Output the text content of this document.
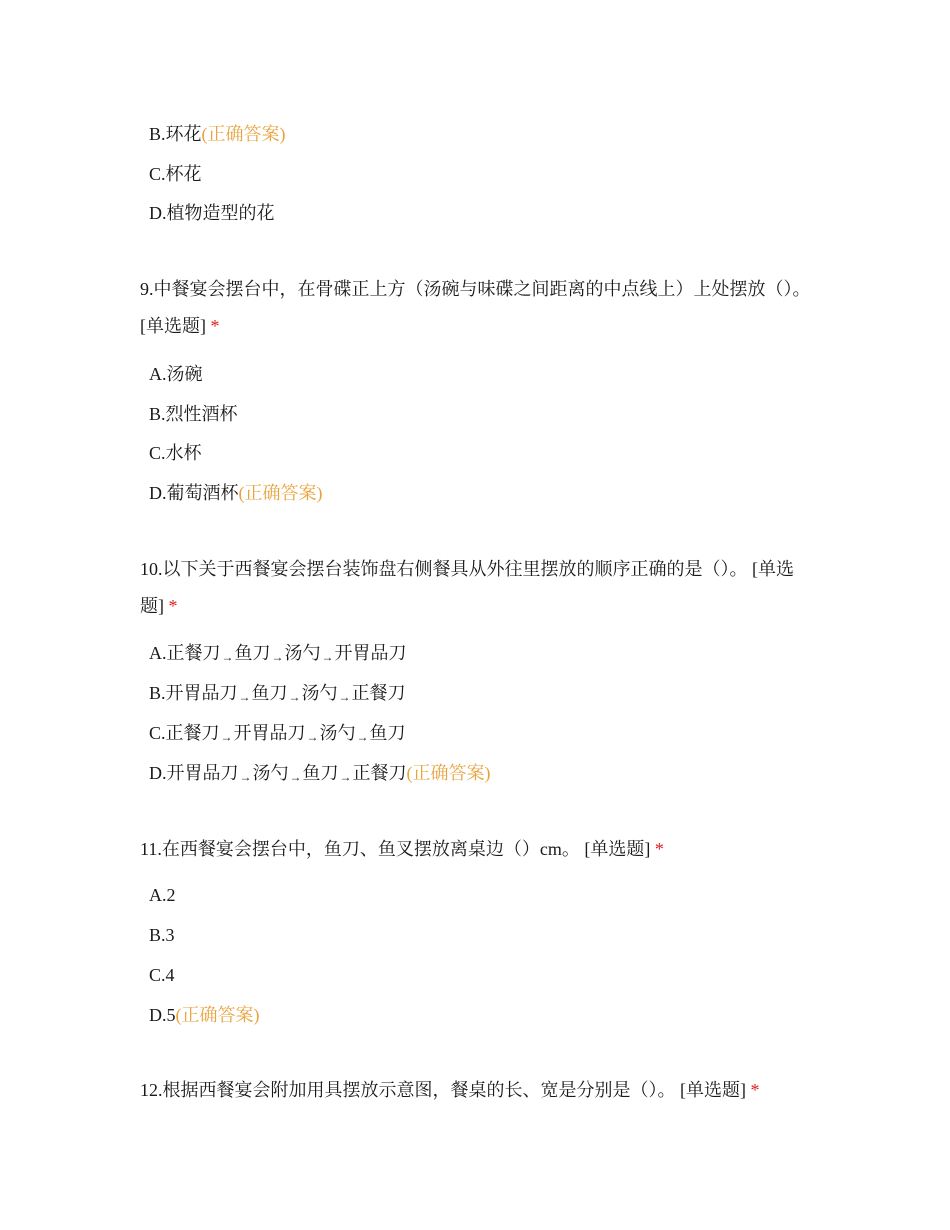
B.环花(正确答案)
C.杯花
D.植物造型的花
9.中餐宴会摆台中，在骨碟正上方（汤碗与味碟之间距离的中点线上）上处摆放（）。 [单选题] *
A.汤碗
B.烈性酒杯
C.水杯
D.葡萄酒杯(正确答案)
10.以下关于西餐宴会摆台装饰盘右侧餐具从外往里摆放的顺序正确的是（）。 [单选题] *
A.正餐刀→鱼刀→汤勺→开胃品刀
B.开胃品刀→鱼刀→汤勺→正餐刀
C.正餐刀→开胃品刀→汤勺→鱼刀
D.开胃品刀→汤勺→鱼刀→正餐刀(正确答案)
11.在西餐宴会摆台中，鱼刀、鱼叉摆放离桌边（）cm。 [单选题] *
A.2
B.3
C.4
D.5(正确答案)
12.根据西餐宴会附加用具摆放示意图，餐桌的长、宽是分别是（）。 [单选题] *
